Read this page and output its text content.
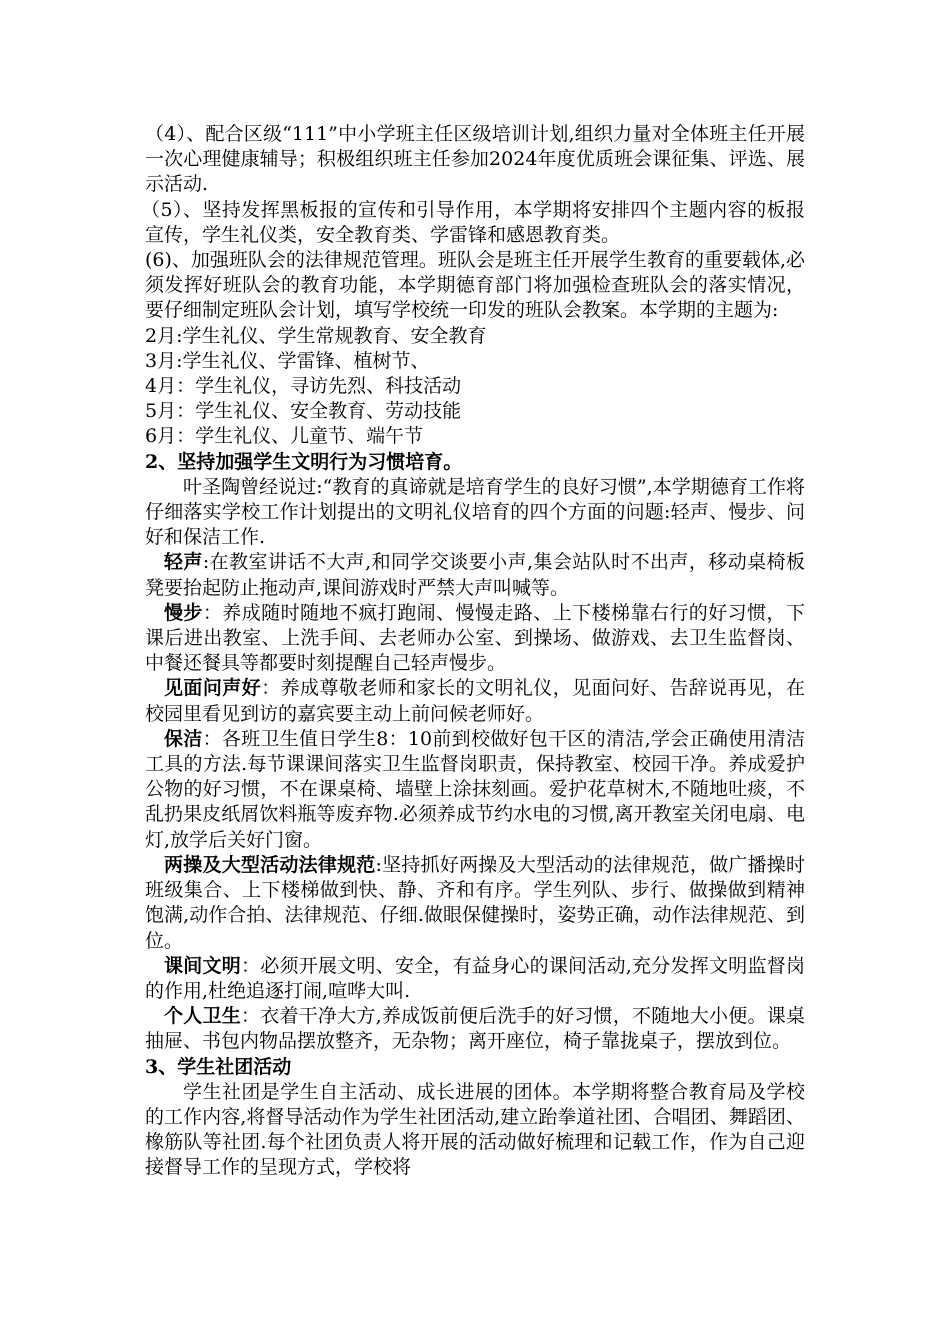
（4）、配合区级“111”中小学班主任区级培训计划,组织力量对全体班主任开展一次心理健康辅导；积极组织班主任参加2024年度优质班会课征集、评选、展示活动.

（5）、坚持发挥黑板报的宣传和引导作用，本学期将安排四个主题内容的板报宣传，学生礼仪类，安全教育类、学雷锋和感恩教育类。

(6)、加强班队会的法律规范管理。班队会是班主任开展学生教育的重要载体,必须发挥好班队会的教育功能，本学期德育部门将加强检查班队会的落实情况，要仔细制定班队会计划，填写学校统一印发的班队会教案。本学期的主题为:

2月:学生礼仪、学生常规教育、安全教育

3月:学生礼仪、学雷锋、植树节、

4月：学生礼仪，寻访先烈、科技活动

5月：学生礼仪、安全教育、劳动技能

6月：学生礼仪、儿童节、端午节

2、坚持加强学生文明行为习惯培育。

叶圣陶曾经说过:“教育的真谛就是培育学生的良好习惯”,本学期德育工作将仔细落实学校工作计划提出的文明礼仪培育的四个方面的问题:轻声、慢步、问好和保洁工作.

轻声:在教室讲话不大声,和同学交谈要小声,集会站队时不出声，移动桌椅板凳要抬起防止拖动声,课间游戏时严禁大声叫喊等。

慢步：养成随时随地不疯打跑闹、慢慢走路、上下楼梯靠右行的好习惯，下课后进出教室、上洗手间、去老师办公室、到操场、做游戏、去卫生监督岗、中餐还餐具等都要时刻提醒自己轻声慢步。

见面问声好：养成尊敬老师和家长的文明礼仪，见面问好、告辞说再见，在校园里看见到访的嘉宾要主动上前问候老师好。

保洁：各班卫生值日学生8：10前到校做好包干区的清洁,学会正确使用清洁工具的方法.每节课课间落实卫生监督岗职责，保持教室、校园干净。养成爱护公物的好习惯，不在课桌椅、墙壁上涂抹刻画。爱护花草树木,不随地吐痰，不乱扔果皮纸屑饮料瓶等废弃物.必须养成节约水电的习惯,离开教室关闭电扇、电灯,放学后关好门窗。

两操及大型活动法律规范:坚持抓好两操及大型活动的法律规范，做广播操时班级集合、上下楼梯做到快、静、齐和有序。学生列队、步行、做操做到精神饱满,动作合拍、法律规范、仔细.做眼保健操时，姿势正确，动作法律规范、到位。

课间文明：必须开展文明、安全，有益身心的课间活动,充分发挥文明监督岗的作用,杜绝追逐打闹,喧哗大叫.

个人卫生：衣着干净大方,养成饭前便后洗手的好习惯，不随地大小便。课桌抽屉、书包内物品摆放整齐，无杂物；离开座位，椅子靠拢桌子，摆放到位。

3、学生社团活动

学生社团是学生自主活动、成长进展的团体。本学期将整合教育局及学校的工作内容,将督导活动作为学生社团活动,建立跆拳道社团、合唱团、舞蹈团、橡筋队等社团.每个社团负责人将开展的活动做好梳理和记载工作，作为自己迎接督导工作的呈现方式，学校将
